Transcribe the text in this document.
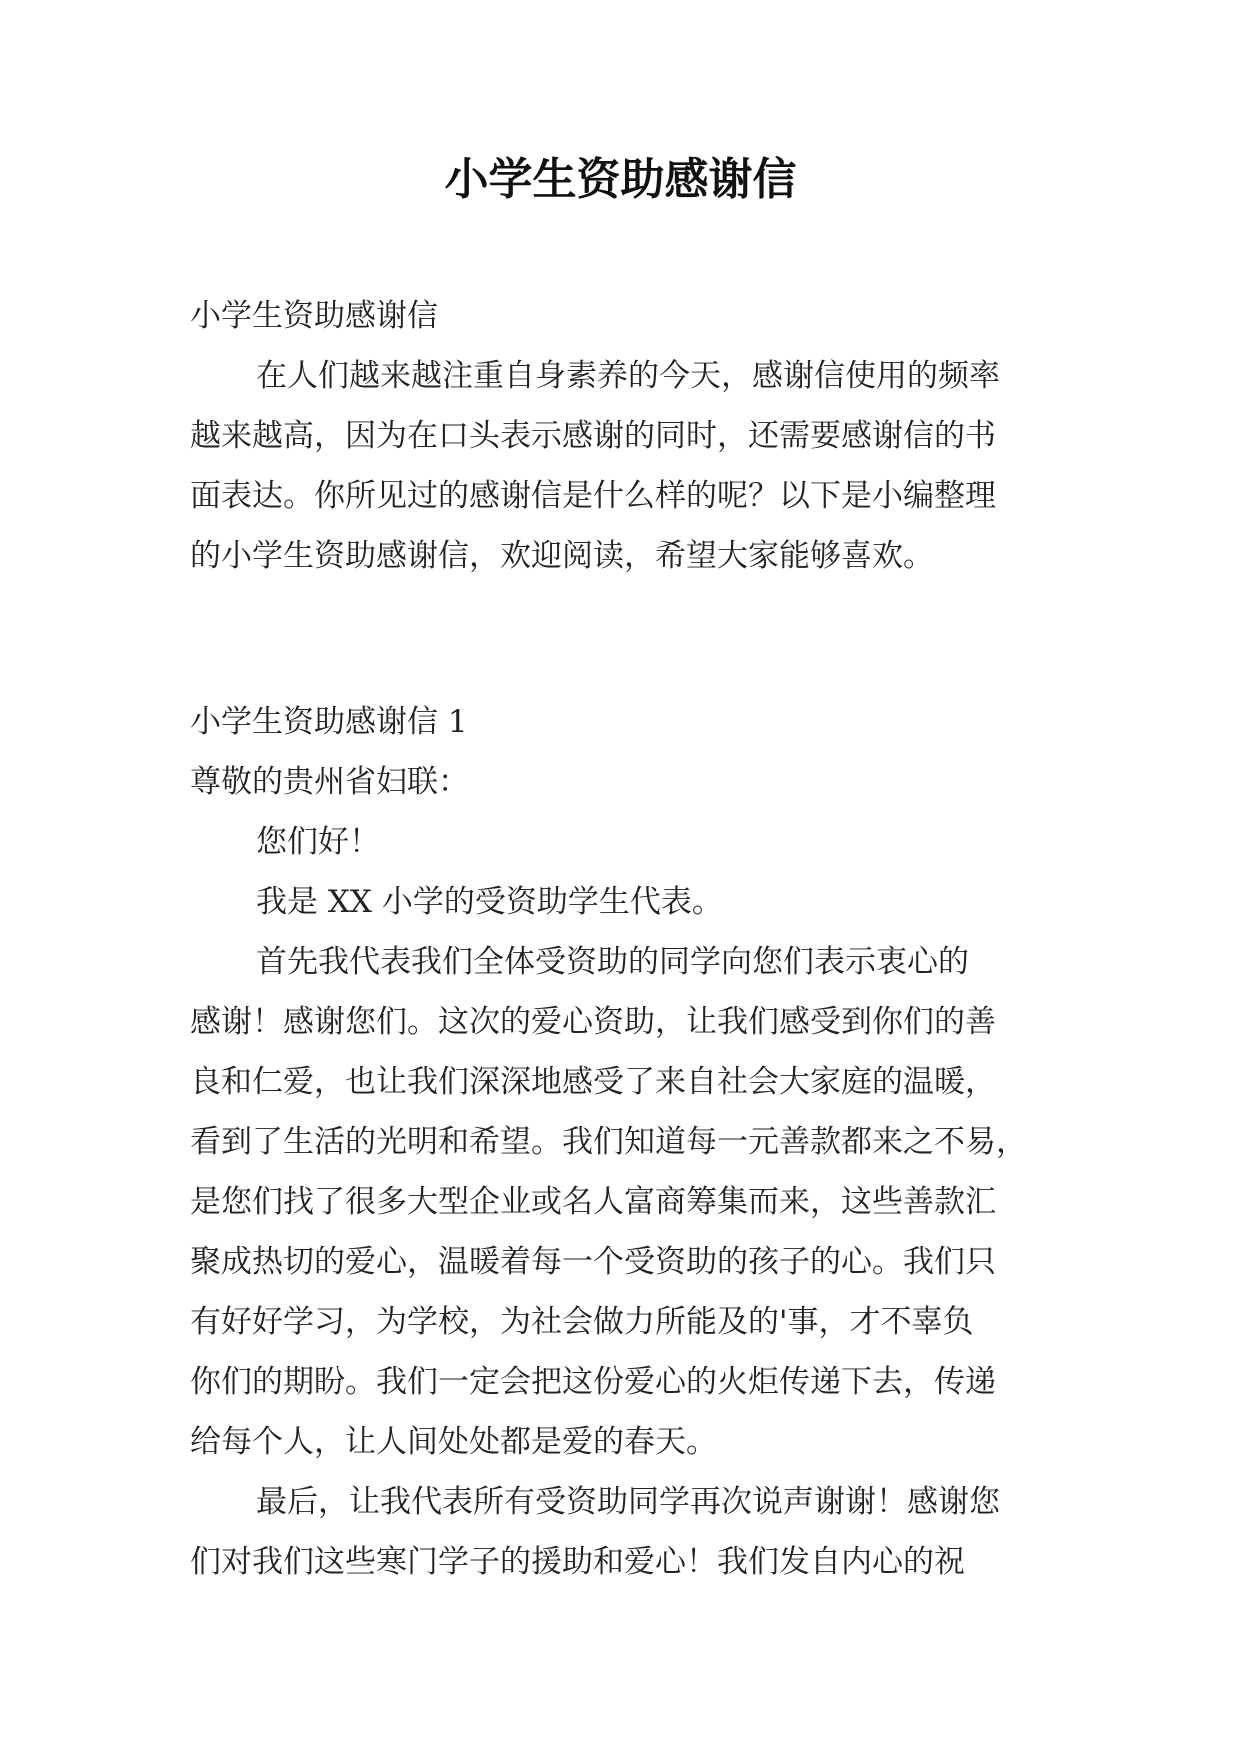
小学生资助感谢信
小学生资助感谢信
在人们越来越注重自身素养的今天，感谢信使用的频率
越来越高，因为在口头表示感谢的同时，还需要感谢信的书
面表达。你所见过的感谢信是什么样的呢？以下是小编整理
的小学生资助感谢信，欢迎阅读，希望大家能够喜欢。
小学生资助感谢信 1
尊敬的贵州省妇联：
您们好！
我是 XX 小学的受资助学生代表。
首先我代表我们全体受资助的同学向您们表示衷心的
感谢！感谢您们。这次的爱心资助，让我们感受到你们的善
良和仁爱，也让我们深深地感受了来自社会大家庭的温暖，
看到了生活的光明和希望。我们知道每一元善款都来之不易，
是您们找了很多大型企业或名人富商筹集而来，这些善款汇
聚成热切的爱心，温暖着每一个受资助的孩子的心。我们只
有好好学习，为学校，为社会做力所能及的'事，才不辜负
你们的期盼。我们一定会把这份爱心的火炬传递下去，传递
给每个人，让人间处处都是爱的春天。
最后，让我代表所有受资助同学再次说声谢谢！感谢您
们对我们这些寒门学子的援助和爱心！我们发自内心的祝
